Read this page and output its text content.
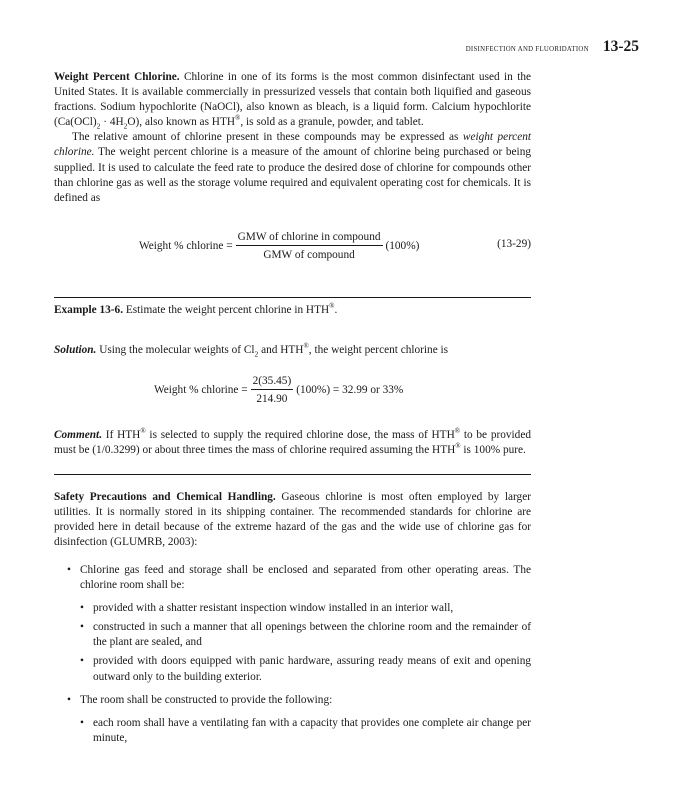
DISINFECTION AND FLUORIDATION 13-25

Weight Percent Chlorine. Chlorine in one of its forms is the most common disinfectant used in the United States. It is available commercially in pressurized vessels that contain both liquified and gaseous fractions. Sodium hypochlorite (NaOCl), also known as bleach, is a liquid form. Calcium hypochlorite $(Ca(OCl)_2 \cdot 4H_2O)$, also known as HTH®, is sold as a granule, powder, and tablet.

The relative amount of chlorine present in these compounds may be expressed as weight percent chlorine. The weight percent chlorine is a measure of the amount of chlorine being purchased or being supplied. It is used to calculate the feed rate to produce the desired dose of chlorine for compounds other than chlorine gas as well as the storage volume required and equivalent operating cost for chemicals. It is defined as

Weight % chlorine = $\frac{\text{GMW of chlorine in compound}}{\text{GMW of compound}} (100\%)$	(13-29)

Example 13-6. Estimate the weight percent chlorine in HTH®.

Solution. Using the molecular weights of $Cl_2$ and HTH®, the weight percent chlorine is

Weight % chlorine = $\frac{2(35.45)}{214.90} (100\%) = 32.99$ or 33%

Comment. If HTH® is selected to supply the required chlorine dose, the mass of HTH® to be provided must be (1/0.3299) or about three times the mass of chlorine required assuming the HTH® is 100% pure.

Safety Precautions and Chemical Handling. Gaseous chlorine is most often employed by larger utilities. It is normally stored in its shipping container. The recommended standards for chlorine are provided here in detail because of the extreme hazard of the gas and the wide use of chlorine gas for disinfection (GLUMRB, 2003):

• Chlorine gas feed and storage shall be enclosed and separated from other operating areas. The chlorine room shall be:
• provided with a shatter resistant inspection window installed in an interior wall,
• constructed in such a manner that all openings between the chlorine room and the remainder of the plant are sealed, and
• provided with doors equipped with panic hardware, assuring ready means of exit and opening outward only to the building exterior.
• The room shall be constructed to provide the following:
• each room shall have a ventilating fan with a capacity that provides one complete air change per minute,
